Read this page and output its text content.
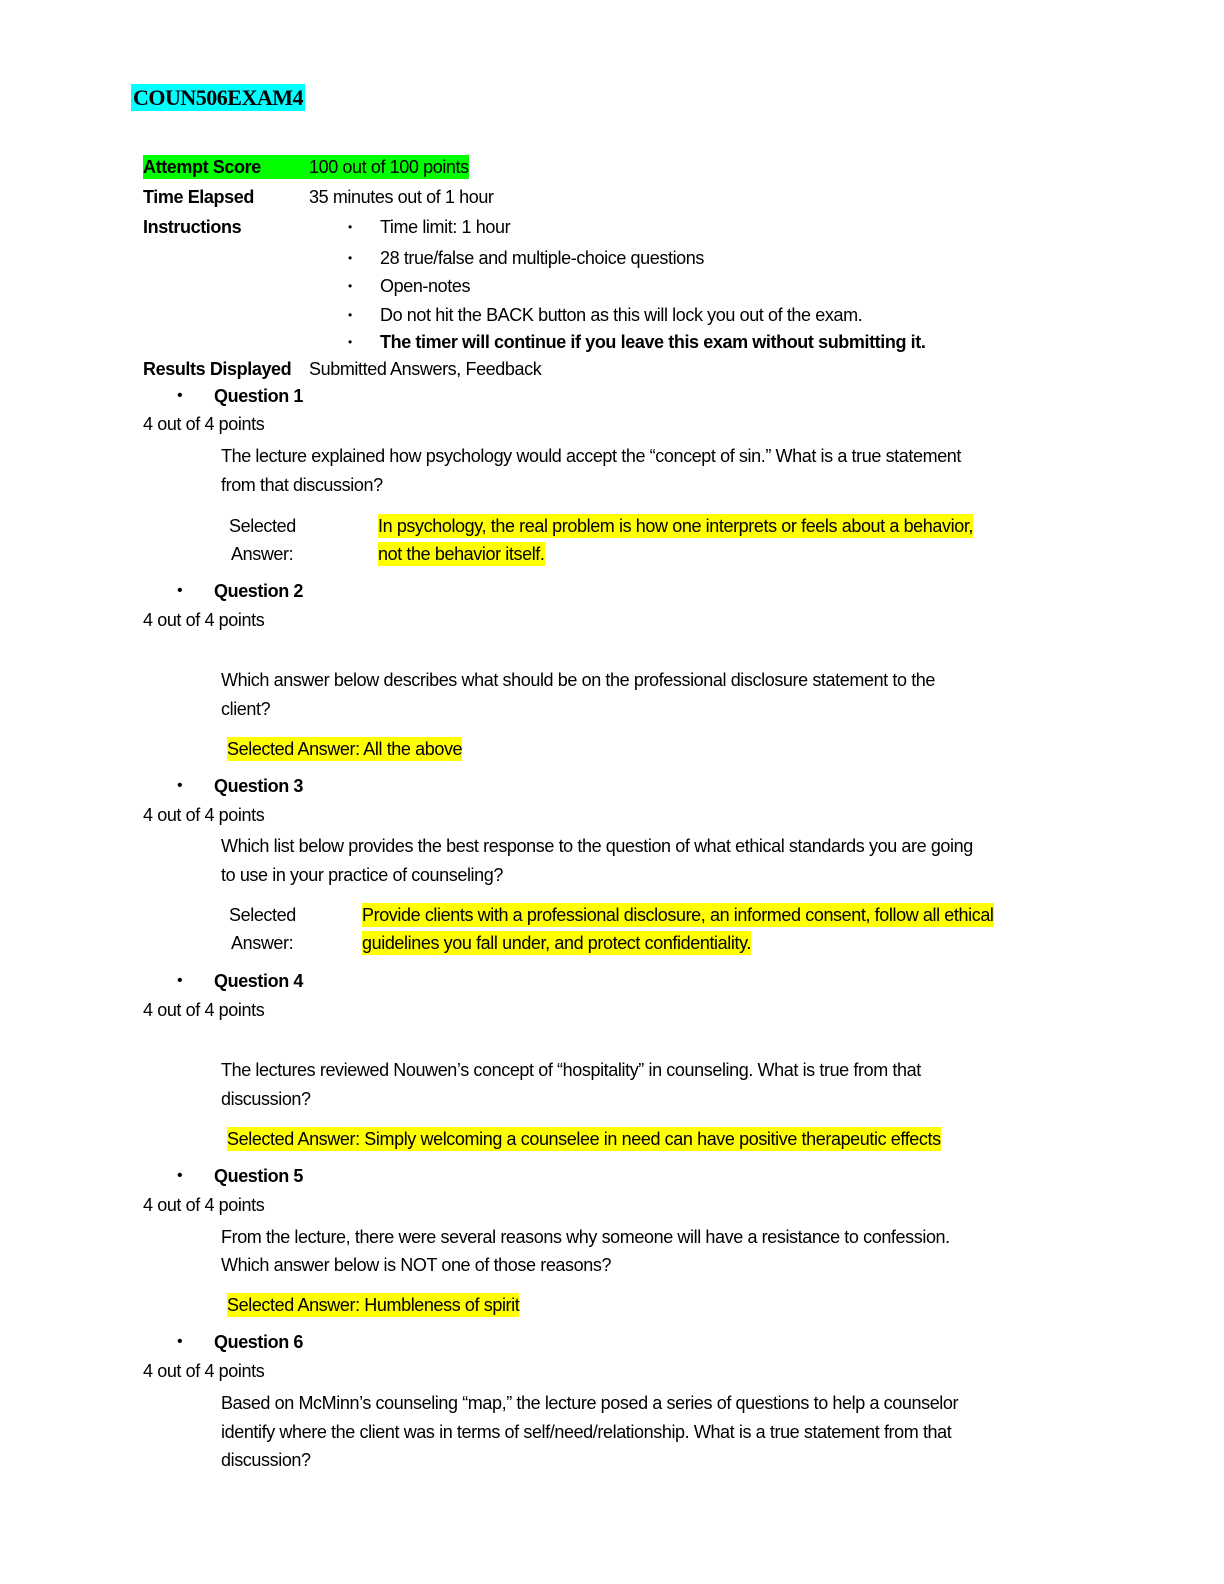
COUN506EXAM4
Attempt Score	100 out of 100 points
Time Elapsed	35 minutes out of 1 hour
Instructions	• Time limit: 1 hour
• 28 true/false and multiple-choice questions
• Open-notes
• Do not hit the BACK button as this will lock you out of the exam.
• The timer will continue if you leave this exam without submitting it.
Results Displayed Submitted Answers, Feedback
• Question 1
4 out of 4 points
The lecture explained how psychology would accept the “concept of sin.” What is a true statement
from that discussion?
Selected
Answer:
In psychology, the real problem is how one interprets or feels about a behavior,
not the behavior itself.
• Question 2
4 out of 4 points
Which answer below describes what should be on the professional disclosure statement to the
client?
Selected Answer: All the above
• Question 3
4 out of 4 points
Which list below provides the best response to the question of what ethical standards you are going
to use in your practice of counseling?
Selected
Answer:
Provide clients with a professional disclosure, an informed consent, follow all ethical
guidelines you fall under, and protect confidentiality.
• Question 4
4 out of 4 points
The lectures reviewed Nouwen’s concept of “hospitality” in counseling. What is true from that
discussion?
Selected Answer: Simply welcoming a counselee in need can have positive therapeutic effects
• Question 5
4 out of 4 points
From the lecture, there were several reasons why someone will have a resistance to confession.
Which answer below is NOT one of those reasons?
Selected Answer: Humbleness of spirit
• Question 6
4 out of 4 points
Based on McMinn’s counseling “map,” the lecture posed a series of questions to help a counselor
identify where the client was in terms of self/need/relationship. What is a true statement from that
discussion?
